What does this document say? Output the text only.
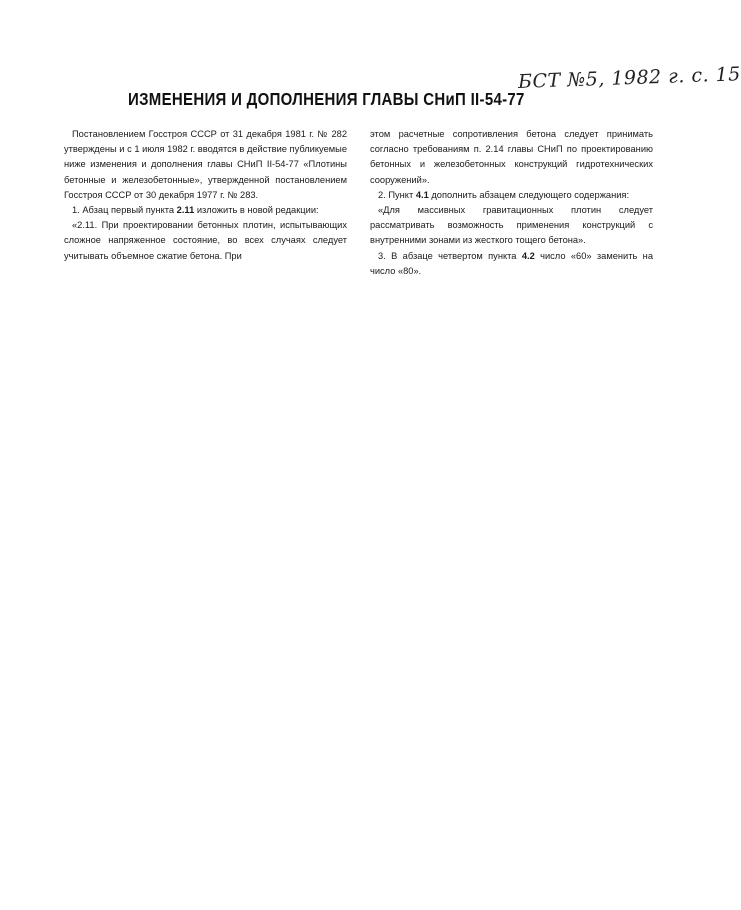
БСТ №5, 1982 г. с. 15
ИЗМЕНЕНИЯ И ДОПОЛНЕНИЯ ГЛАВЫ СНиП II-54-77

Постановлением Госстроя СССР от 31 декабря 1981 г. № 282 утверждены и с 1 июля 1982 г. вводятся в действие публикуемые ниже изменения и дополнения главы СНиП II-54-77 «Плотины бетонные и железобетонные», утвержденной постановлением Госстроя СССР от 30 декабря 1977 г. № 283.

1. Абзац первый пункта 2.11 изложить в новой редакции:

«2.11. При проектировании бетонных плотин, испытывающих сложное напряженное состояние, во всех случаях следует учитывать объемное сжатие бетона. При

этом расчетные сопротивления бетона следует принимать согласно требованиям п. 2.14 главы СНиП по проектированию бетонных и железобетонных конструкций гидротехнических сооружений».

2. Пункт 4.1 дополнить абзацем следующего содержания:

«Для массивных гравитационных плотин следует рассматривать возможность применения конструкций с внутренними зонами из жесткого тощего бетона».

3. В абзаце четвертом пункта 4.2 число «60» заменить на число «80».
